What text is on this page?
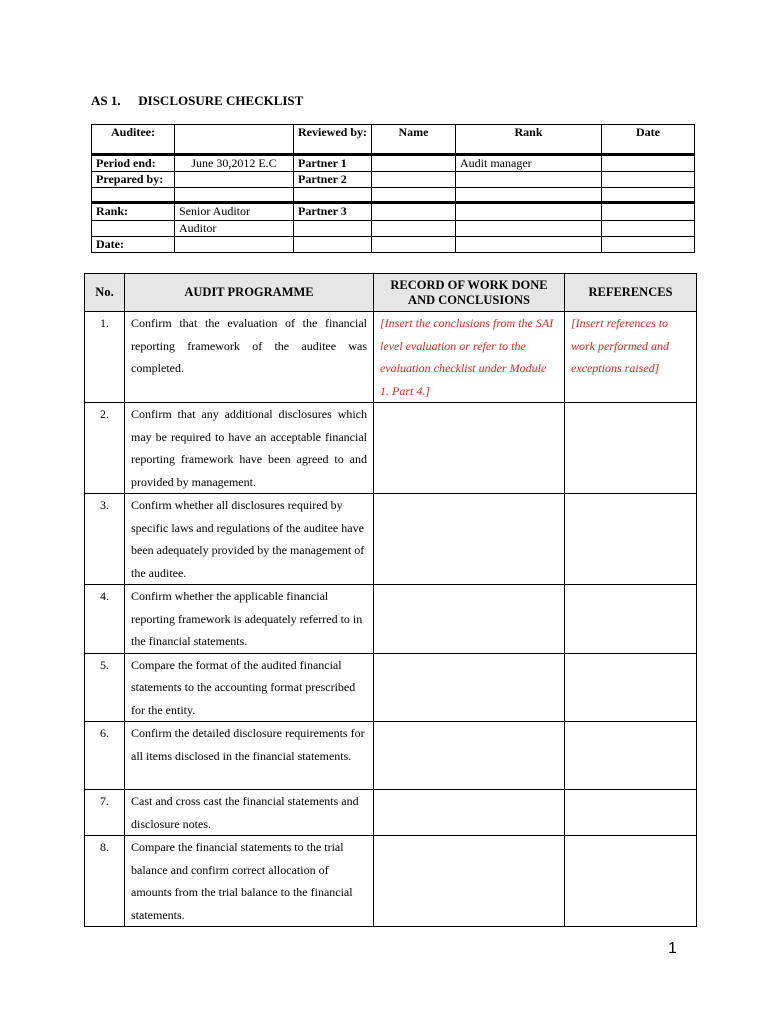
AS 1. DISCLOSURE CHECKLIST
Auditee:		Reviewed by:	Name	Rank	Date
Period end:	June 30,2012 E.C	Partner 1		Audit manager	
Prepared by:		Partner 2			

Rank:	Senior Auditor	Partner 3			
	Auditor				
Date:					
No.	AUDIT PROGRAMME	RECORD OF WORK DONE AND CONCLUSIONS	REFERENCES
1.	Confirm that the evaluation of the financial reporting framework of the auditee was completed.	[Insert the conclusions from the SAI level evaluation or refer to the evaluation checklist under Module 1. Part 4.]	[Insert references to work performed and exceptions raised]
2.	Confirm that any additional disclosures which may be required to have an acceptable financial reporting framework have been agreed to and provided by management.		
3.	Confirm whether all disclosures required by specific laws and regulations of the auditee have been adequately provided by the management of the auditee.		
4.	Confirm whether the applicable financial reporting framework is adequately referred to in the financial statements.		
5.	Compare the format of the audited financial statements to the accounting format prescribed for the entity.		
6.	Confirm the detailed disclosure requirements for all items disclosed in the financial statements.		
7.	Cast and cross cast the financial statements and disclosure notes.		
8.	Compare the financial statements to the trial balance and confirm correct allocation of amounts from the trial balance to the financial statements.		
1
